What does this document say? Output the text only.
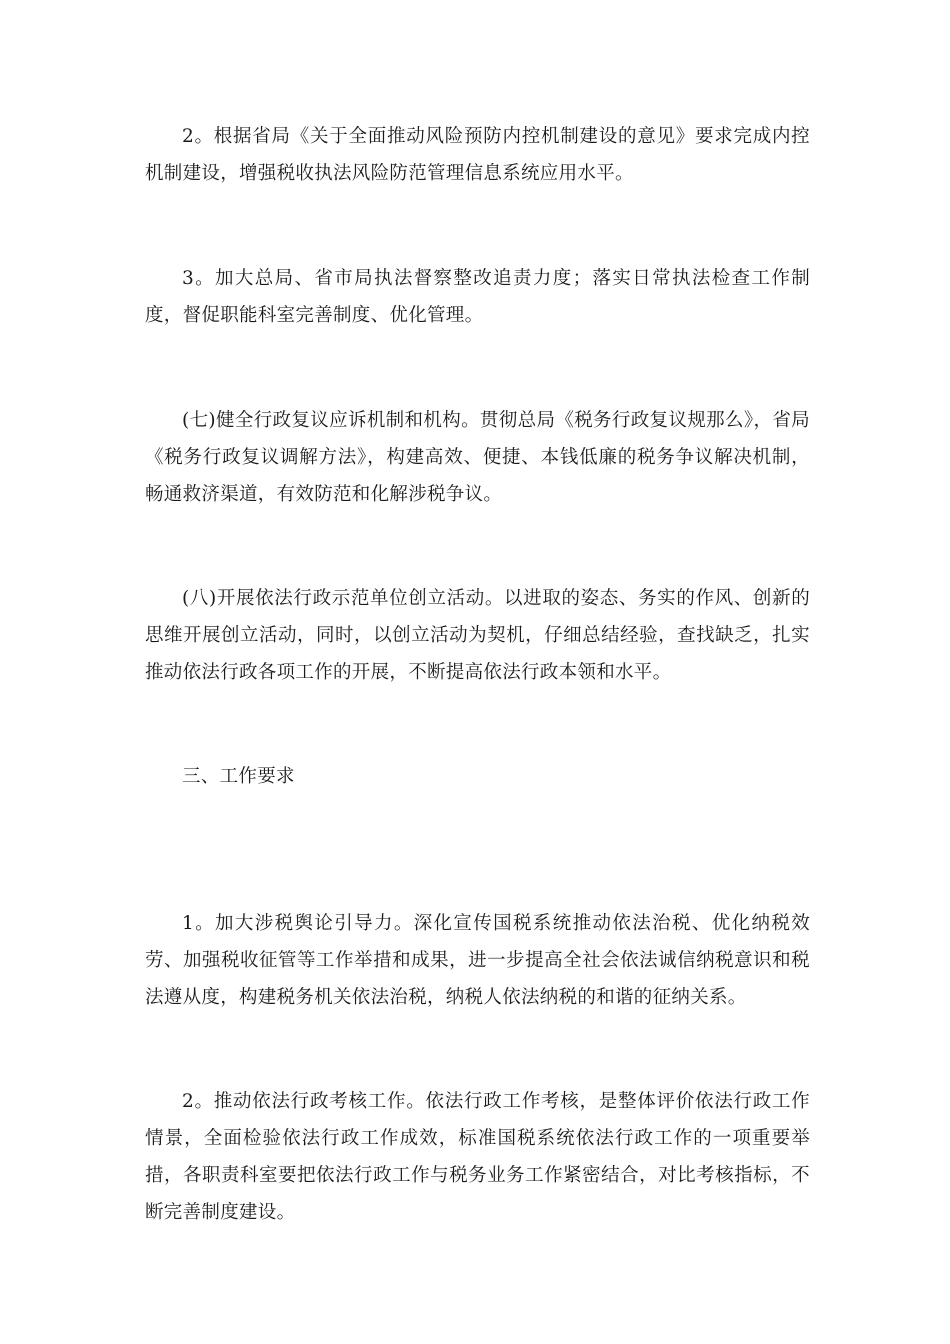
2。根据省局《关于全面推动风险预防内控机制建设的意见》要求完成内控机制建设，增强税收执法风险防范管理信息系统应用水平。

3。加大总局、省市局执法督察整改追责力度；落实日常执法检查工作制度，督促职能科室完善制度、优化管理。

(七)健全行政复议应诉机制和机构。贯彻总局《税务行政复议规那么》，省局《税务行政复议调解方法》，构建高效、便捷、本钱低廉的税务争议解决机制，畅通救济渠道，有效防范和化解涉税争议。

(八)开展依法行政示范单位创立活动。以进取的姿态、务实的作风、创新的思维开展创立活动，同时，以创立活动为契机，仔细总结经验，查找缺乏，扎实推动依法行政各项工作的开展，不断提高依法行政本领和水平。

三、工作要求

1。加大涉税舆论引导力。深化宣传国税系统推动依法治税、优化纳税效劳、加强税收征管等工作举措和成果，进一步提高全社会依法诚信纳税意识和税法遵从度，构建税务机关依法治税，纳税人依法纳税的和谐的征纳关系。

2。推动依法行政考核工作。依法行政工作考核，是整体评价依法行政工作情景，全面检验依法行政工作成效，标准国税系统依法行政工作的一项重要举措，各职责科室要把依法行政工作与税务业务工作紧密结合，对比考核指标，不断完善制度建设。
